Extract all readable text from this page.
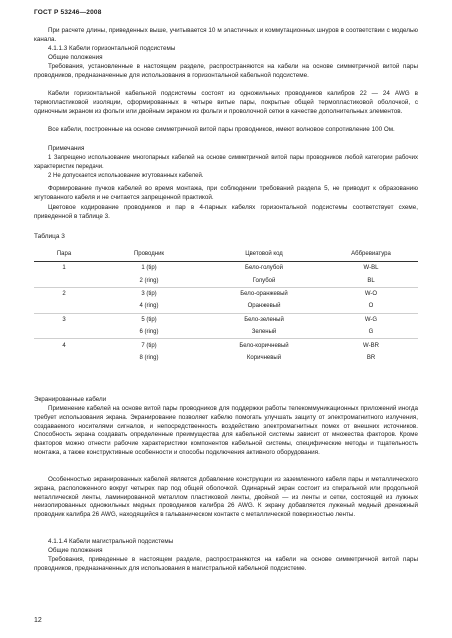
ГОСТ Р 53246—2008
При расчете длины, приведенных выше, учитывается 10 м эластичных и коммутационных шнуров в соответствии с моделью канала.
4.1.1.3 Кабели горизонтальной подсистемы
Общие положения
Требования, установленные в настоящем разделе, распространяются на кабели на основе симметричной витой пары проводников, предназначенные для использования в горизонтальной кабельной подсистеме.
Кабели горизонтальной кабельной подсистемы состоят из одножильных проводников калибров 22 — 24 AWG в термопластиковой изоляции, сформированных в четыре витые пары, покрытые общей термопластиковой оболочкой, с одиночным экраном из фольги или двойным экраном из фольги и проволочной сетки в качестве дополнительных элементов.
Все кабели, построенные на основе симметричной витой пары проводников, имеют волновое сопротивление 100 Ом.
Примечания
1 Запрещено использование многопарных кабелей на основе симметричной витой пары проводников любой категории рабочих характеристик передачи.
2 Не допускается использование жгутованных кабелей.
Формирование пучков кабелей во время монтажа, при соблюдении требований раздела 5, не приводит к образованию жгутованного кабеля и не считается запрещенной практикой.
Цветовое кодирование проводников и пар в 4-парных кабелях горизонтальной подсистемы соответствует схеме, приведенной в таблице 3.
Таблица 3
Пара	Проводник	Цветовой код	Аббревиатура
1	1 (tip)	Бело-голубой	W-BL
	2 (ring)	Голубой	BL
2	3 (tip)	Бело-оранжевый	W-O
	4 (ring)	Оранжевый	O
3	5 (tip)	Бело-зеленый	W-G
	6 (ring)	Зеленый	G
4	7 (tip)	Бело-коричневый	W-BR
	8 (ring)	Коричневый	BR
Экранированные кабели
Применение кабелей на основе витой пары проводников для поддержки работы телекоммуникационных приложений иногда требует использования экрана. Экранирование позволяет кабелю помогать улучшать защиту от электромагнитного излучения, создаваемого носителями сигналов, и непосредственность воздействию электромагнитных помех от внешних источников. Способность экрана создавать определенные преимущества для кабельной системы зависит от множества факторов. Кроме факторов можно отнести рабочие характеристики компонентов кабельной системы, специфические методы и тщательность монтажа, а также конструктивные особенности и способы подключения активного оборудования.
Особенностью экранированных кабелей является добавление конструкции из заземленного кабеля пары и металлического экрана, расположенного вокруг четырех пар под общей оболочкой. Одинарный экран состоит из спиральной или продольной металлической ленты, ламинированной металлом пластиковой ленты, двойной — из ленты и сетки, состоящей из лужных неизолированных одножильных медных проводников калибра 26 AWG. К экрану добавляется луженый медный дренажный проводник калибра 26 AWG, находящийся в гальваническом контакте с металлической поверхностью ленты.
4.1.1.4 Кабели магистральной подсистемы
Общие положения
Требования, приведенные в настоящем разделе, распространяются на кабели на основе симметричной витой пары проводников, предназначенных для использования в магистральной кабельной подсистеме.
12
